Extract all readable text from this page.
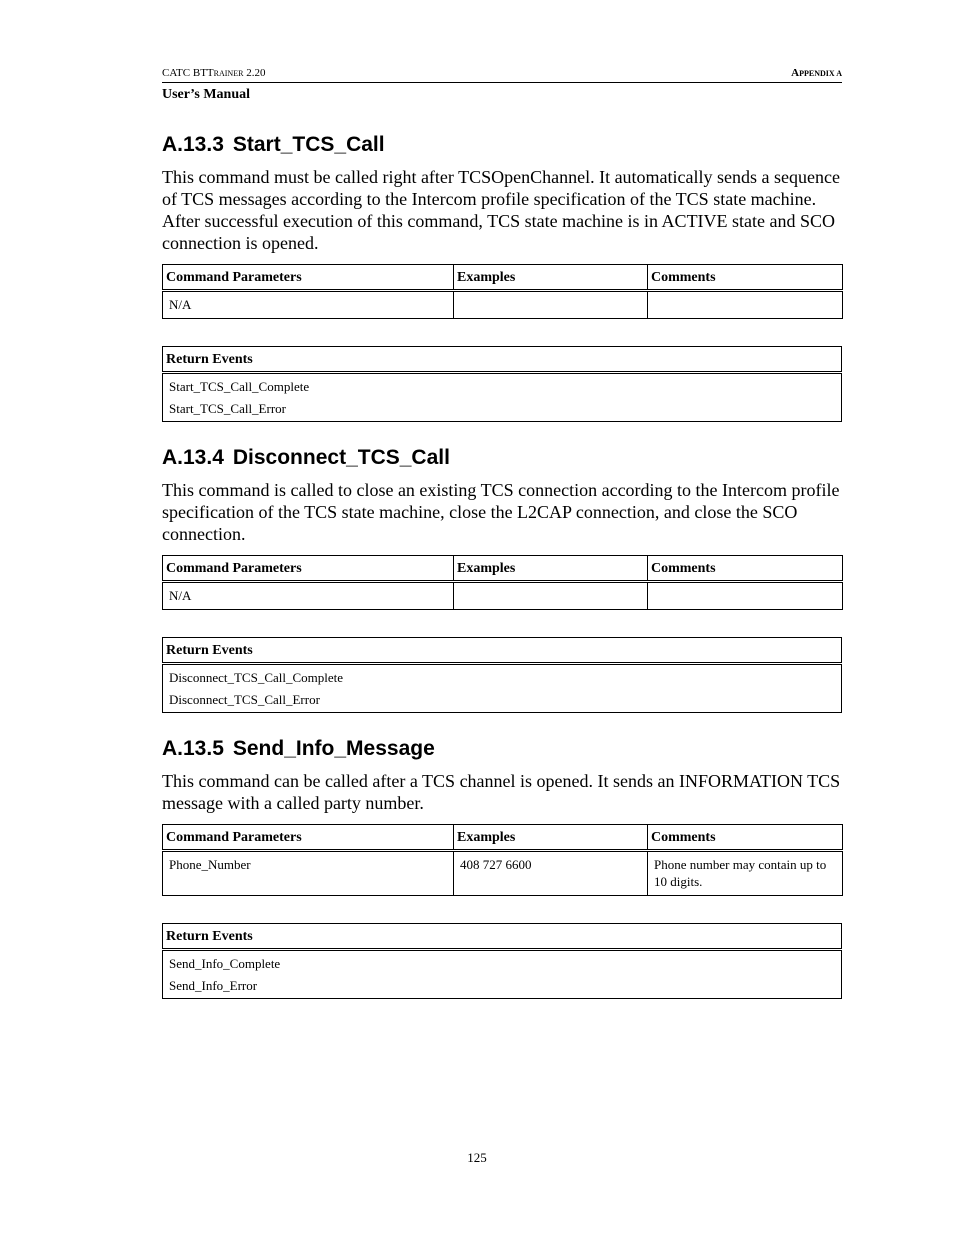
CATC BTTRAINER 2.20	APPENDIX A
User’s Manual
A.13.3 Start_TCS_Call

This command must be called right after TCSOpenChannel. It automatically sends a sequence of TCS messages according to the Intercom profile specification of the TCS state machine. After successful execution of this command, TCS state machine is in ACTIVE state and SCO connection is opened.

Command Parameters	Examples	Comments
N/A		
Return Events
Start_TCS_Call_Complete
Start_TCS_Call_Error
A.13.4 Disconnect_TCS_Call

This command is called to close an existing TCS connection according to the Intercom profile specification of the TCS state machine, close the L2CAP connection, and close the SCO connection.

Command Parameters	Examples	Comments
N/A		
Return Events
Disconnect_TCS_Call_Complete
Disconnect_TCS_Call_Error
A.13.5 Send_Info_Message

This command can be called after a TCS channel is opened. It sends an INFORMATION TCS message with a called party number.

Command Parameters	Examples	Comments
Phone_Number	408 727 6600	Phone number may contain up to 10 digits.
Return Events
Send_Info_Complete
Send_Info_Error
125
